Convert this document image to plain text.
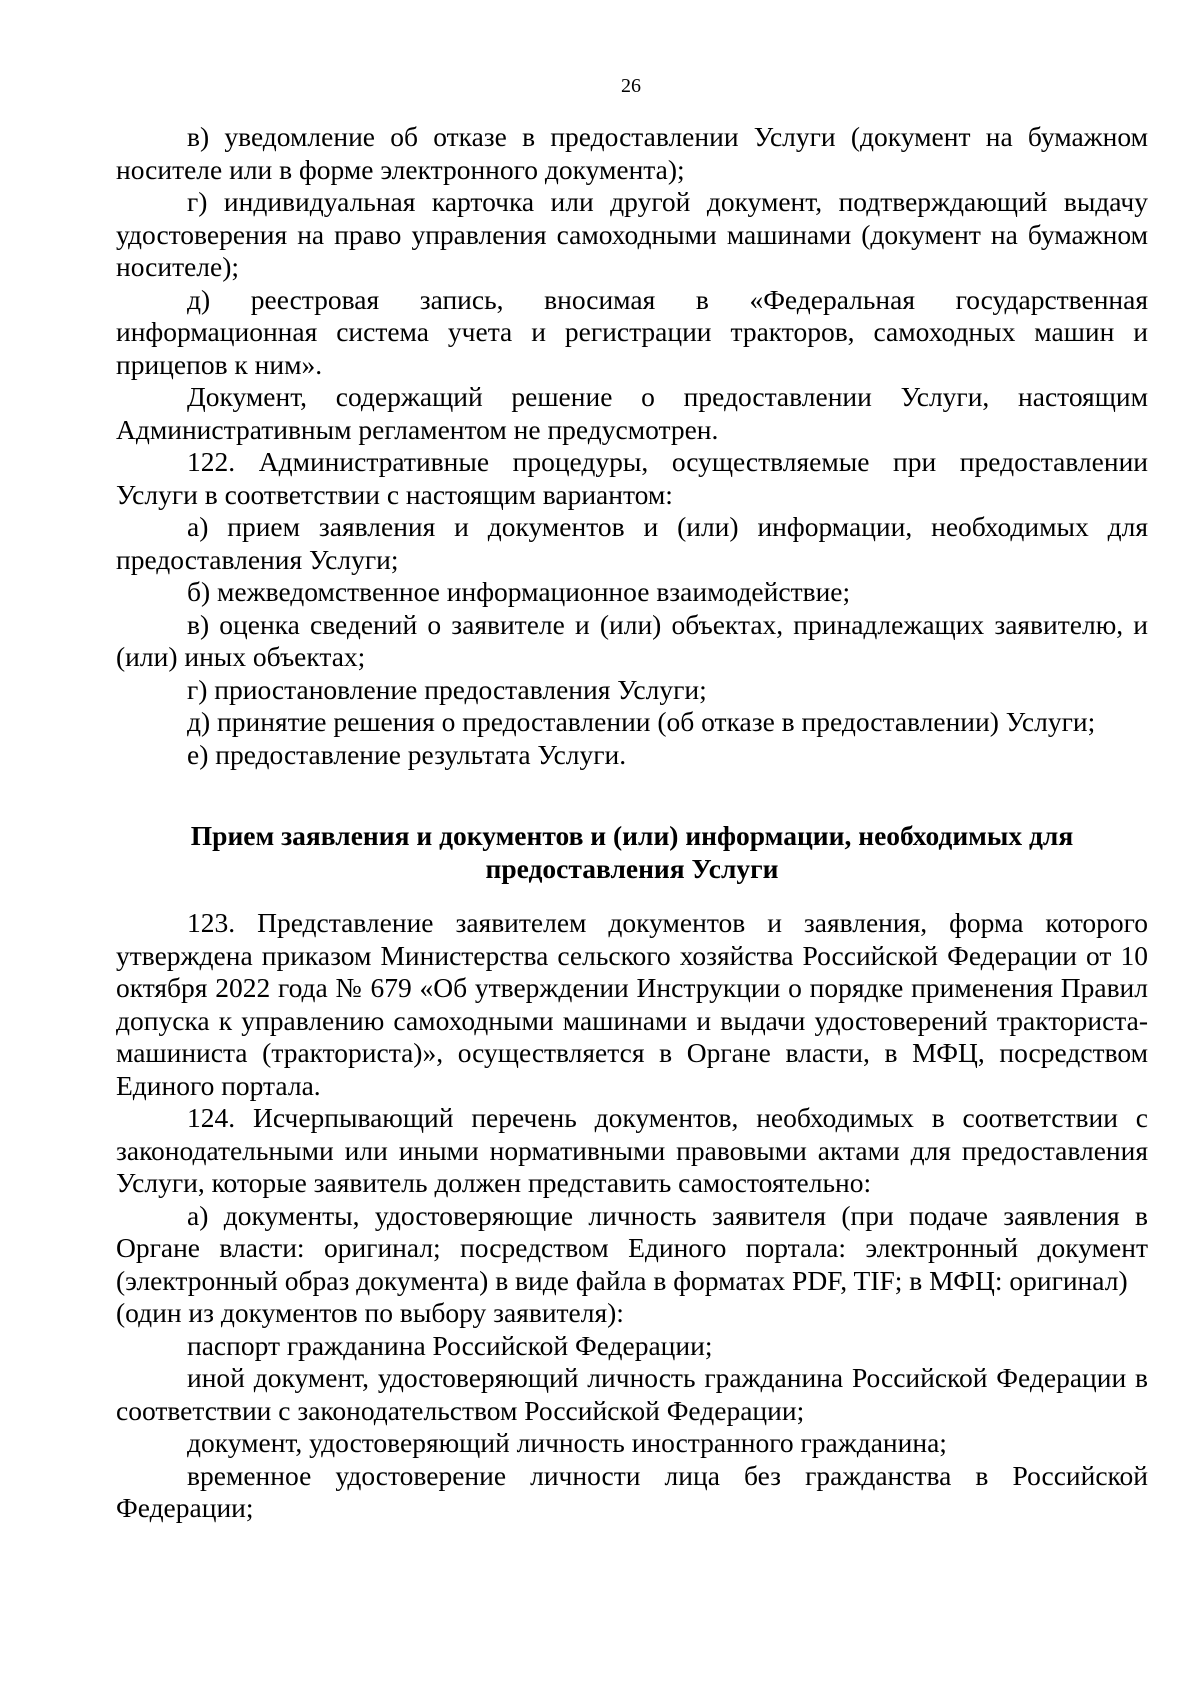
26

в) уведомление об отказе в предоставлении Услуги (документ на бумажном носителе или в форме электронного документа);

г) индивидуальная карточка или другой документ, подтверждающий выдачу удостоверения на право управления самоходными машинами (документ на бумажном носителе);

д) реестровая запись, вносимая в «Федеральная государственная информационная система учета и регистрации тракторов, самоходных машин и прицепов к ним».

Документ, содержащий решение о предоставлении Услуги, настоящим Административным регламентом не предусмотрен.

122. Административные процедуры, осуществляемые при предоставлении Услуги в соответствии с настоящим вариантом:

а) прием заявления и документов и (или) информации, необходимых для предоставления Услуги;

б) межведомственное информационное взаимодействие;

в) оценка сведений о заявителе и (или) объектах, принадлежащих заявителю, и (или) иных объектах;

г) приостановление предоставления Услуги;

д) принятие решения о предоставлении (об отказе в предоставлении) Услуги;

е) предоставление результата Услуги.

Прием заявления и документов и (или) информации, необходимых для
предоставления Услуги

123. Представление заявителем документов и заявления, форма которого утверждена приказом Министерства сельского хозяйства Российской Федерации от 10 октября 2022 года № 679 «Об утверждении Инструкции о порядке применения Правил допуска к управлению самоходными машинами и выдачи удостоверений тракториста-машиниста (тракториста)», осуществляется в Органе власти, в МФЦ, посредством Единого портала.

124. Исчерпывающий перечень документов, необходимых в соответствии с законодательными или иными нормативными правовыми актами для предоставления Услуги, которые заявитель должен представить самостоятельно:

а) документы, удостоверяющие личность заявителя (при подаче заявления в Органе власти: оригинал; посредством Единого портала: электронный документ (электронный образ документа) в виде файла в форматах PDF, TIF; в МФЦ: оригинал)

(один из документов по выбору заявителя):

паспорт гражданина Российской Федерации;

иной документ, удостоверяющий личность гражданина Российской Федерации в соответствии с законодательством Российской Федерации;

документ, удостоверяющий личность иностранного гражданина;

временное удостоверение личности лица без гражданства в Российской Федерации;
